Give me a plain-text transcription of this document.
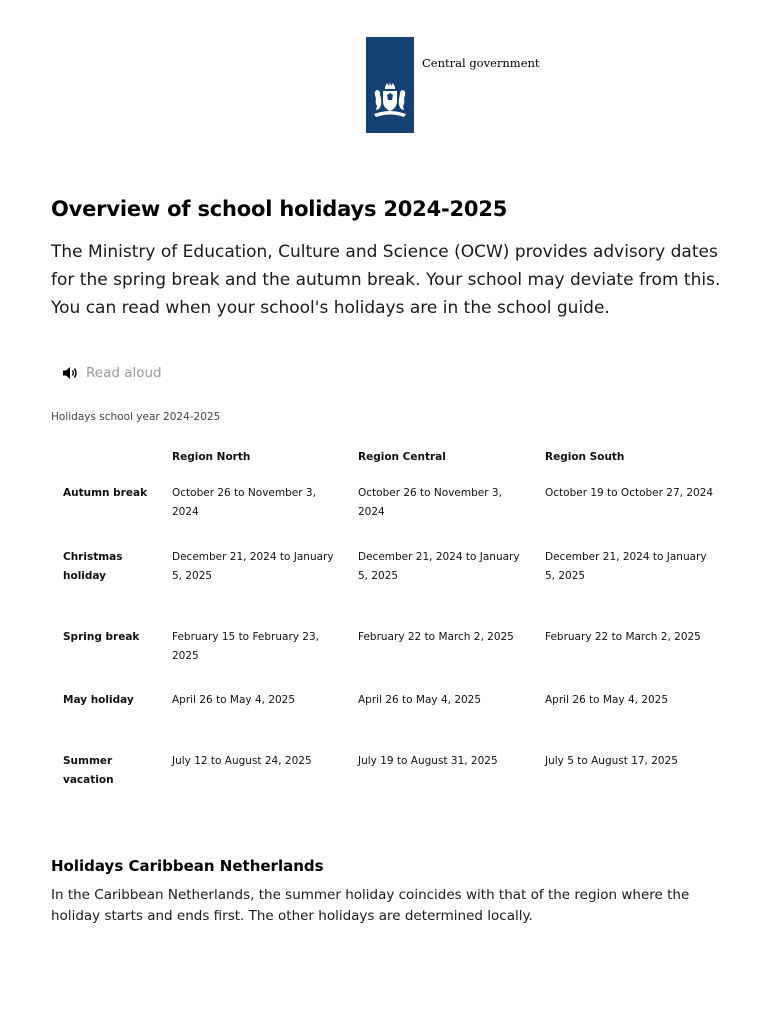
Central government
Overview of school holidays 2024-2025

The Ministry of Education, Culture and Science (OCW) provides advisory dates for the spring break and the autumn break. Your school may deviate from this. You can read when your school's holidays are in the school guide.

Read aloud
Holidays school year 2024-2025
	Region North	Region Central	Region South
Autumn break	October 26 to November 3, 2024	October 26 to November 3, 2024	October 19 to October 27, 2024
Christmas holiday	December 21, 2024 to January 5, 2025	December 21, 2024 to January 5, 2025	December 21, 2024 to January 5, 2025
Spring break	February 15 to February 23, 2025	February 22 to March 2, 2025	February 22 to March 2, 2025
May holiday	April 26 to May 4, 2025	April 26 to May 4, 2025	April 26 to May 4, 2025
Summer vacation	July 12 to August 24, 2025	July 19 to August 31, 2025	July 5 to August 17, 2025
Holidays Caribbean Netherlands

In the Caribbean Netherlands, the summer holiday coincides with that of the region where the holiday starts and ends first. The other holidays are determined locally.
